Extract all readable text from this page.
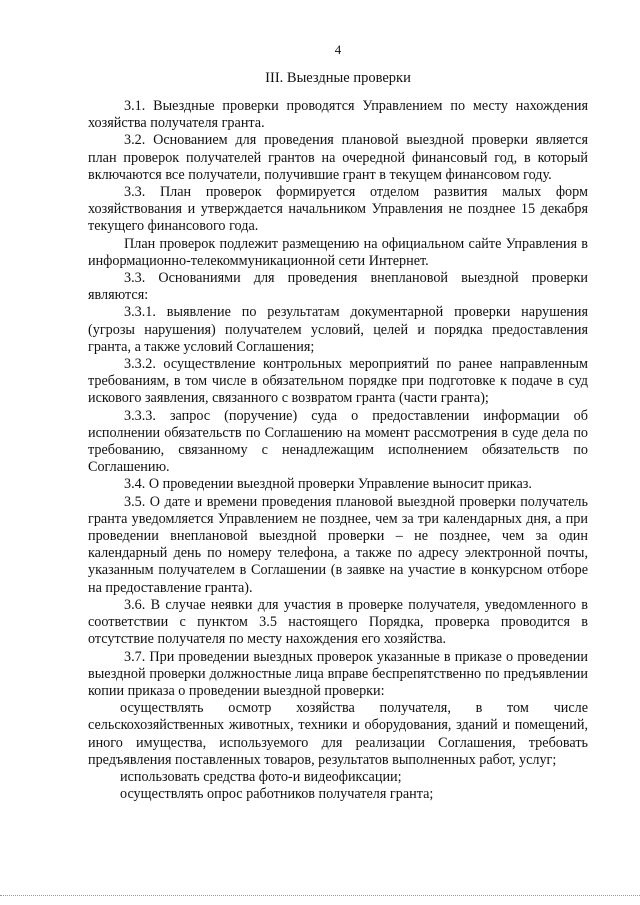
4
III. Выездные проверки

3.1. Выездные проверки проводятся Управлением по месту нахождения хозяйства получателя гранта.

3.2. Основанием для проведения плановой выездной проверки является план проверок получателей грантов на очередной финансовый год, в который включаются все получатели, получившие грант в текущем финансовом году.

3.3. План проверок формируется отделом развития малых форм хозяйствования и утверждается начальником Управления не позднее 15 декабря текущего финансового года.

План проверок подлежит размещению на официальном сайте Управления в информационно-телекоммуникационной сети Интернет.

3.3. Основаниями для проведения внеплановой выездной проверки являются:

3.3.1. выявление по результатам документарной проверки нарушения (угрозы нарушения) получателем условий, целей и порядка предоставления гранта, а также условий Соглашения;

3.3.2. осуществление контрольных мероприятий по ранее направленным требованиям, в том числе в обязательном порядке при подготовке к подаче в суд искового заявления, связанного с возвратом гранта (части гранта);

3.3.3. запрос (поручение) суда о предоставлении информации об исполнении обязательств по Соглашению на момент рассмотрения в суде дела по требованию, связанному с ненадлежащим исполнением обязательств по Соглашению.

3.4. О проведении выездной проверки Управление выносит приказ.

3.5. О дате и времени проведения плановой выездной проверки получатель гранта уведомляется Управлением не позднее, чем за три календарных дня, а при проведении внеплановой выездной проверки – не позднее, чем за один календарный день по номеру телефона, а также по адресу электронной почты, указанным получателем в Соглашении (в заявке на участие в конкурсном отборе на предоставление гранта).

3.6. В случае неявки для участия в проверке получателя, уведомленного в соответствии с пунктом 3.5 настоящего Порядка, проверка проводится в отсутствие получателя по месту нахождения его хозяйства.

3.7. При проведении выездных проверок указанные в приказе о проведении выездной проверки должностные лица вправе беспрепятственно по предъявлении копии приказа о проведении выездной проверки:

осуществлять осмотр хозяйства получателя, в том числе сельскохозяйственных животных, техники и оборудования, зданий и помещений, иного имущества, используемого для реализации Соглашения, требовать предъявления поставленных товаров, результатов выполненных работ, услуг;

использовать средства фото-и видеофиксации;

осуществлять опрос работников получателя гранта;
